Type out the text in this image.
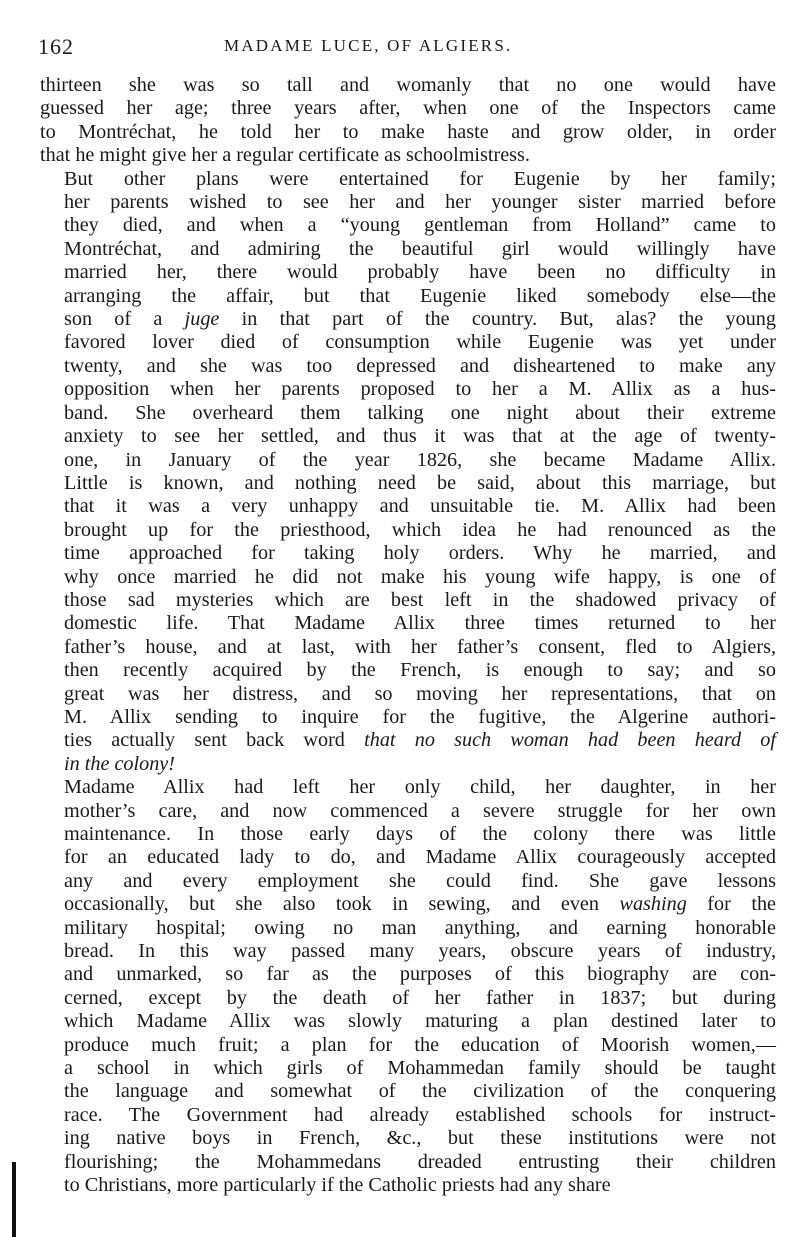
162	MADAME LUCE, OF ALGIERS.

thirteen she was so tall and womanly that no one would have
guessed her age; three years after, when one of the Inspectors came
to Montréchat, he told her to make haste and grow older, in order
that he might give her a regular certificate as schoolmistress.

But other plans were entertained for Eugenie by her family;
her parents wished to see her and her younger sister married before
they died, and when a “young gentleman from Holland” came to
Montréchat, and admiring the beautiful girl would willingly have
married her, there would probably have been no difficulty in
arranging the affair, but that Eugenie liked somebody else—the
son of a juge in that part of the country. But, alas? the young
favored lover died of consumption while Eugenie was yet under
twenty, and she was too depressed and disheartened to make any
opposition when her parents proposed to her a M. Allix as a hus-
band. She overheard them talking one night about their extreme
anxiety to see her settled, and thus it was that at the age of twenty-
one, in January of the year 1826, she became Madame Allix.
Little is known, and nothing need be said, about this marriage, but
that it was a very unhappy and unsuitable tie. M. Allix had been
brought up for the priesthood, which idea he had renounced as the
time approached for taking holy orders. Why he married, and
why once married he did not make his young wife happy, is one of
those sad mysteries which are best left in the shadowed privacy of
domestic life. That Madame Allix three times returned to her
father’s house, and at last, with her father’s consent, fled to Algiers,
then recently acquired by the French, is enough to say; and so
great was her distress, and so moving her representations, that on
M. Allix sending to inquire for the fugitive, the Algerine authori-
ties actually sent back word that no such woman had been heard of
in the colony!

Madame Allix had left her only child, her daughter, in her
mother’s care, and now commenced a severe struggle for her own
maintenance. In those early days of the colony there was little
for an educated lady to do, and Madame Allix courageously accepted
any and every employment she could find. She gave lessons
occasionally, but she also took in sewing, and even washing for the
military hospital; owing no man anything, and earning honorable
bread. In this way passed many years, obscure years of industry,
and unmarked, so far as the purposes of this biography are con-
cerned, except by the death of her father in 1837; but during
which Madame Allix was slowly maturing a plan destined later to
produce much fruit; a plan for the education of Moorish women,—
a school in which girls of Mohammedan family should be taught
the language and somewhat of the civilization of the conquering
race. The Government had already established schools for instruct-
ing native boys in French, &c., but these institutions were not
flourishing; the Mohammedans dreaded entrusting their children
to Christians, more particularly if the Catholic priests had any share
